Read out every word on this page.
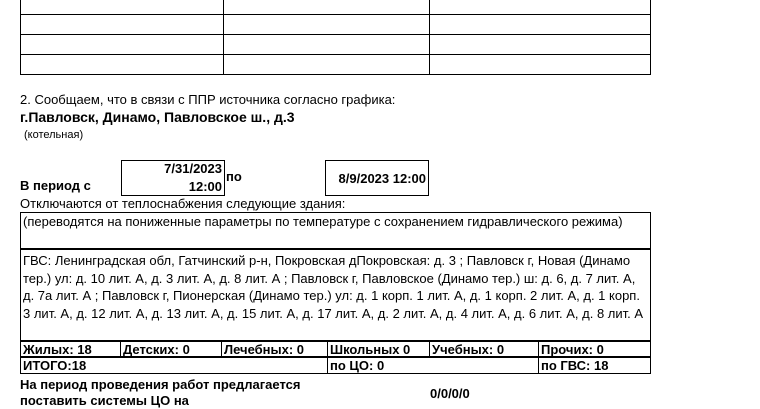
2. Сообщаем, что в связи с ППР источника согласно графика:
г.Павловск, Динамо, Павловское ш., д.3
(котельная)
В период с
7/31/2023
12:00
по	8/9/2023 12:00
Отключаются от теплоснабжения следующие здания:
(переводятся на пониженные параметры по температуре с сохранением гидравлического режима)
ГВС: Ленинградская обл, Гатчинский р-н, Покровская дПокровская: д. 3 ; Павловск г, Новая (Динамо тер.) ул: д. 10 лит. А, д. 3 лит. А, д. 8 лит. А ; Павловск г, Павловское (Динамо тер.) ш: д. 6, д. 7 лит. А, д. 7а лит. А ; Павловск г, Пионерская (Динамо тер.) ул: д. 1 корп. 1 лит. А, д. 1 корп. 2 лит. А, д. 1 корп. 3 лит. А, д. 12 лит. А, д. 13 лит. А, д. 15 лит. А, д. 17 лит. А, д. 2 лит. А, д. 4 лит. А, д. 6 лит. А, д. 8 лит. А
Жилых: 18 Детских: 0	Лечебных: 0 Школьных 0 Учебных: 0	Прочих: 0
ИТОГО:18	по ЦО: 0	по ГВС: 18
На период проведения работ предлагается поставить системы ЦО на	0/0/0/0
